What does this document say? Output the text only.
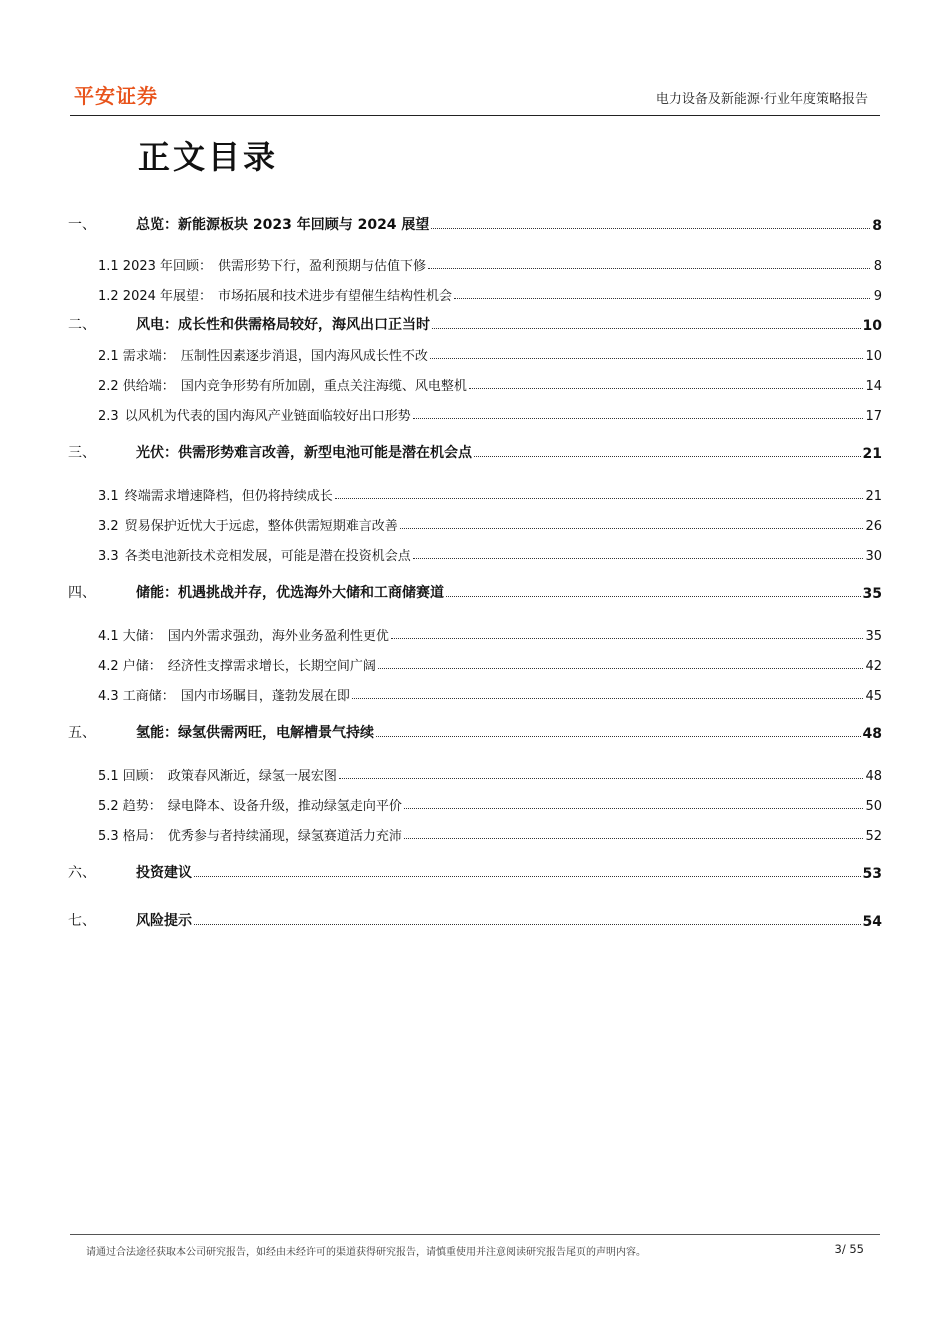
平安证券	电力设备及新能源·行业年度策略报告
正文目录
一、	总览：新能源板块 2023 年回顾与 2024 展望	8
1.1 2023 年回顾： 供需形势下行，盈利预期与估值下修	8
1.2 2024 年展望： 市场拓展和技术进步有望催生结构性机会	9
二、	风电：成长性和供需格局较好，海风出口正当时	10
2.1 需求端： 压制性因素逐步消退，国内海风成长性不改	10
2.2 供给端： 国内竞争形势有所加剧，重点关注海缆、风电整机	14
2.3 以风机为代表的国内海风产业链面临较好出口形势	17
三、	光伏：供需形势难言改善，新型电池可能是潜在机会点	21
3.1 终端需求增速降档，但仍将持续成长	21
3.2 贸易保护近忧大于远虑，整体供需短期难言改善	26
3.3 各类电池新技术竞相发展，可能是潜在投资机会点	30
四、	储能：机遇挑战并存，优选海外大储和工商储赛道	35
4.1 大储： 国内外需求强劲，海外业务盈利性更优	35
4.2 户储： 经济性支撑需求增长，长期空间广阔	42
4.3 工商储： 国内市场瞩目，蓬勃发展在即	45
五、	氢能：绿氢供需两旺，电解槽景气持续	48
5.1 回顾： 政策春风渐近，绿氢一展宏图	48
5.2 趋势： 绿电降本、设备升级，推动绿氢走向平价	50
5.3 格局： 优秀参与者持续涌现，绿氢赛道活力充沛	52
六、	投资建议	53
七、	风险提示	54
请通过合法途径获取本公司研究报告，如经由未经许可的渠道获得研究报告，请慎重使用并注意阅读研究报告尾页的声明内容。	3/ 55
